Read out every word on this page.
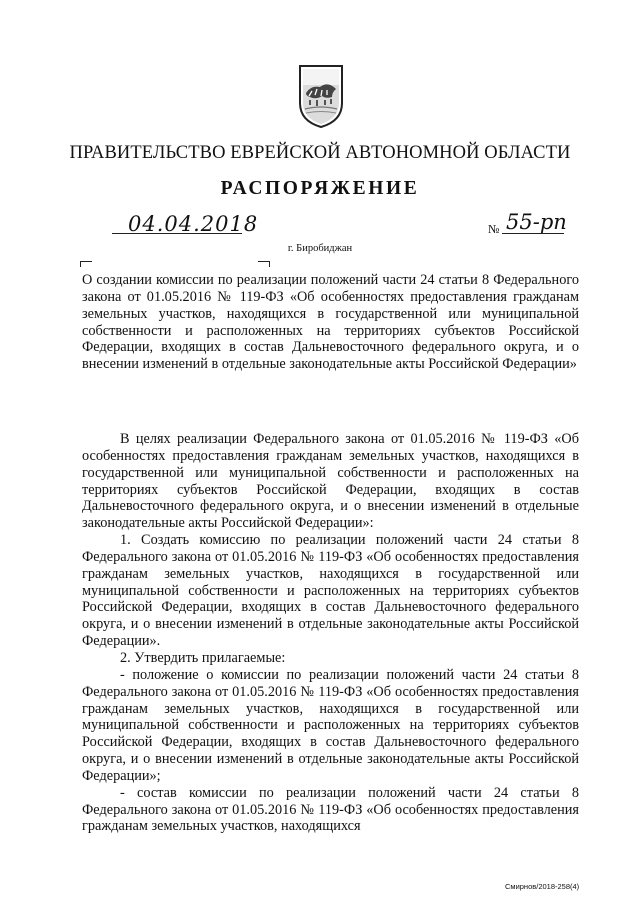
ПРАВИТЕЛЬСТВО ЕВРЕЙСКОЙ АВТОНОМНОЙ ОБЛАСТИ
РАСПОРЯЖЕНИЕ
04.04.2018	№ 55-рп
г. Биробиджан

О создании комиссии по реализации положений части 24 статьи 8 Федерального закона от 01.05.2016 № 119-ФЗ «Об особенностях предоставления гражданам земельных участков, находящихся в государственной или муниципальной собственности и расположенных на территориях субъектов Российской Федерации, входящих в состав Дальневосточного федерального округа, и о внесении изменений в отдельные законодательные акты Российской Федерации»

В целях реализации Федерального закона от 01.05.2016 № 119-ФЗ «Об особенностях предоставления гражданам земельных участков, находящихся в государственной или муниципальной собственности и расположенных на территориях субъектов Российской Федерации, входящих в состав Дальневосточного федерального округа, и о внесении изменений в отдельные законодательные акты Российской Федерации»:

1. Создать комиссию по реализации положений части 24 статьи 8 Федерального закона от 01.05.2016 № 119-ФЗ «Об особенностях предоставления гражданам земельных участков, находящихся в государственной или муниципальной собственности и расположенных на территориях субъектов Российской Федерации, входящих в состав Дальневосточного федерального округа, и о внесении изменений в отдельные законодательные акты Российской Федерации».

2. Утвердить прилагаемые:

- положение о комиссии по реализации положений части 24 статьи 8 Федерального закона от 01.05.2016 № 119-ФЗ «Об особенностях предоставления гражданам земельных участков, находящихся в государственной или муниципальной собственности и расположенных на территориях субъектов Российской Федерации, входящих в состав Дальневосточного федерального округа, и о внесении изменений в отдельные законодательные акты Российской Федерации»;

- состав комиссии по реализации положений части 24 статьи 8 Федерального закона от 01.05.2016 № 119-ФЗ «Об особенностях предоставления гражданам земельных участков, находящихся

Смирнов/2018-258(4)
